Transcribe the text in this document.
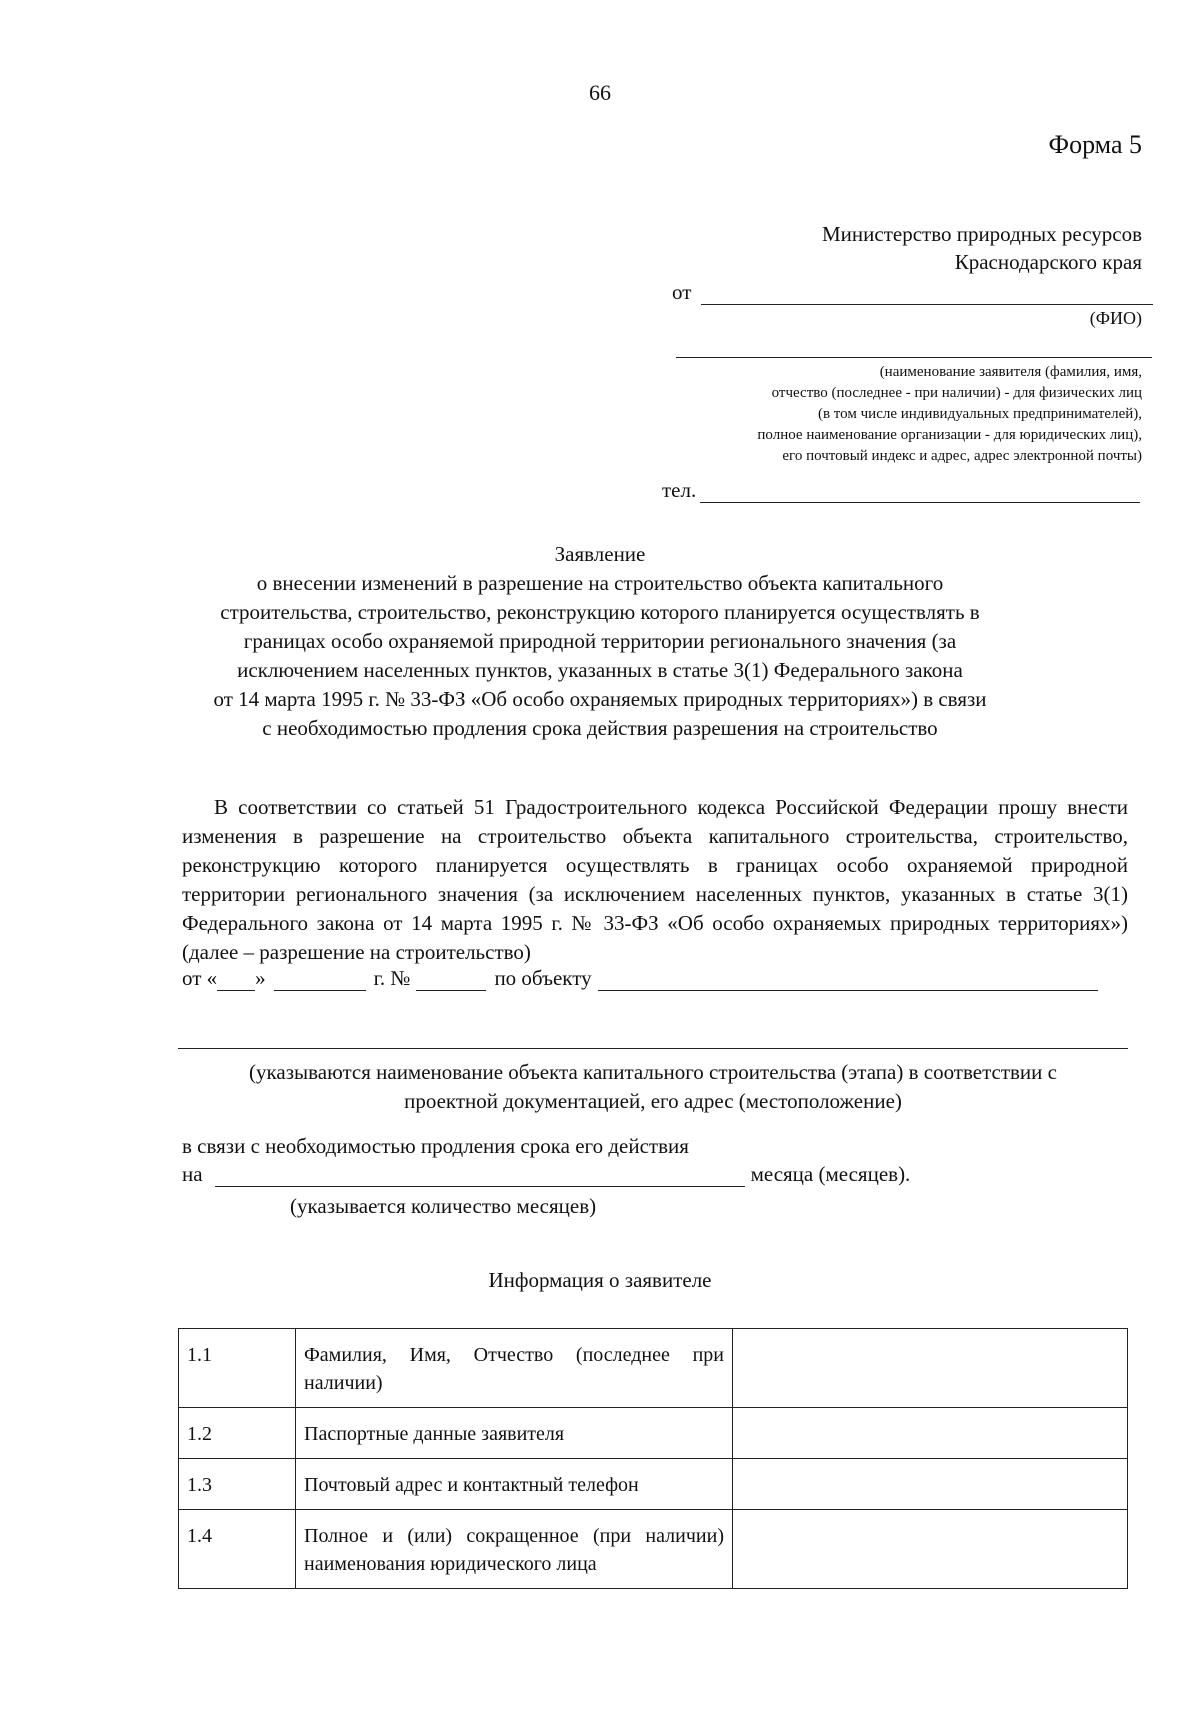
66
Форма 5
Министерство природных ресурсов
Краснодарского края
от
(ФИО)
(наименование заявителя (фамилия, имя,
отчество (последнее - при наличии) - для физических лиц
(в том числе индивидуальных предпринимателей),
полное наименование организации - для юридических лиц),
его почтовый индекс и адрес, адрес электронной почты)
тел.
Заявление
о внесении изменений в разрешение на строительство объекта капитального
строительства, строительство, реконструкцию которого планируется осуществлять в
границах особо охраняемой природной территории регионального значения (за
исключением населенных пунктов, указанных в статье 3(1) Федерального закона
от 14 марта 1995 г. № 33-ФЗ «Об особо охраняемых природных территориях») в связи
с необходимостью продления срока действия разрешения на строительство

В соответствии со статьей 51 Градостроительного кодекса Российской Федерации прошу внести изменения в разрешение на строительство объекта капитального строительства, строительство, реконструкцию которого планируется осуществлять в границах особо охраняемой природной территории регионального значения (за исключением населенных пунктов, указанных в статье 3(1) Федерального закона от 14 марта 1995 г. № 33-ФЗ «Об особо охраняемых природных территориях») (далее – разрешение на строительство)

от « »	г. №	по объекту
(указываются наименование объекта капитального строительства (этапа) в соответствии с
проектной документацией, его адрес (местоположение)
в связи с необходимостью продления срока его действия
на	месяца (месяцев).
(указывается количество месяцев)
Информация о заявителе
1.1	Фамилия, Имя, Отчество (последнее при наличии)	
1.2	Паспортные данные заявителя	
1.3	Почтовый адрес и контактный телефон	
1.4	Полное и (или) сокращенное (при наличии) наименования юридического лица	
